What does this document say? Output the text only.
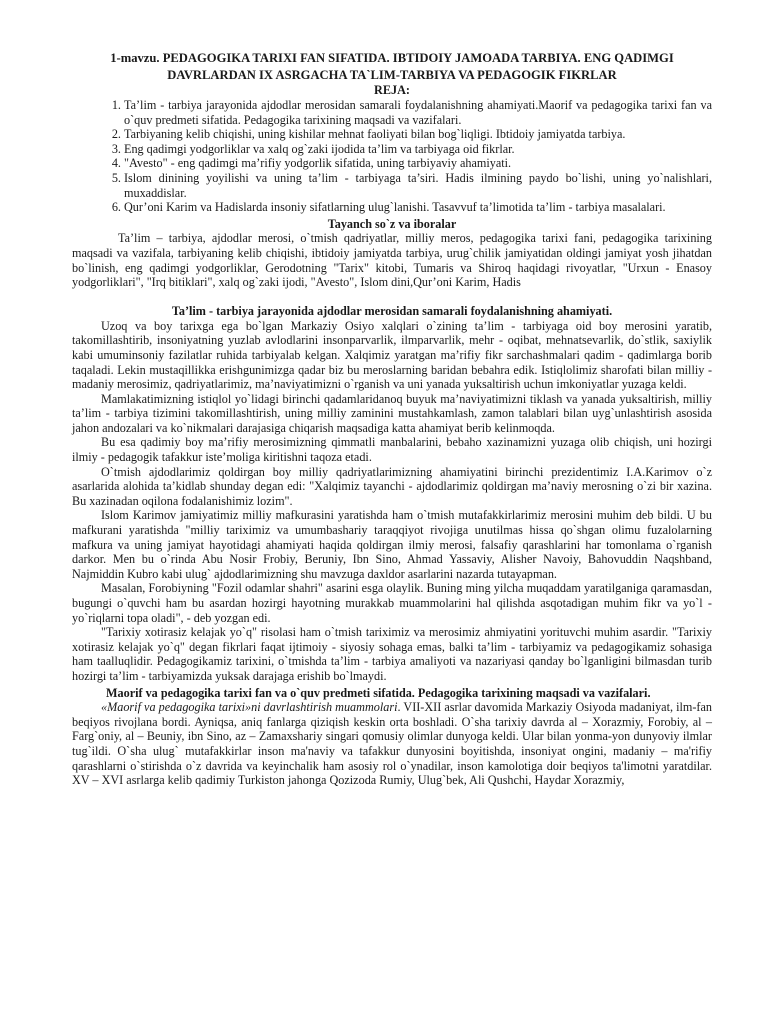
1-mavzu. PEDAGOGIKA TARIXI FAN SIFATIDA. IBTIDOIY JAMOADA TARBIYA. ENG QADIMGI DAVRLARDAN IX ASRGACHA TA`LIM-TARBIYA VA PEDAGOGIK FIKRLAR

REJA:

1. Ta’lim - tarbiya jarayonida ajdodlar merosidan samarali foydalanishning ahamiyati.Maorif va pedagogika tarixi fan va o`quv predmeti sifatida. Pedagogika tarixining maqsadi va vazifalari.
2. Tarbiyaning kelib chiqishi, uning kishilar mehnat faoliyati bilan bog`liqligi. Ibtidoiy jamiyatda tarbiya.
3. Eng qadimgi yodgorliklar va xalq og`zaki ijodida ta’lim va tarbiyaga oid fikrlar.
4. "Avesto" - eng qadimgi ma’rifiy yodgorlik sifatida, uning tarbiyaviy ahamiyati.
5. Islom dinining yoyilishi va uning ta’lim - tarbiyaga ta’siri. Hadis ilmining paydo bo`lishi, uning yo`nalishlari, muxaddislar.
6. Qur’oni Karim va Hadislarda insoniy sifatlarning ulug`lanishi. Tasavvuf ta’limotida ta’lim - tarbiya masalalari.

Tayanch so`z va iboralar

Ta’lim – tarbiya, ajdodlar merosi, o`tmish qadriyatlar, milliy meros, pedagogika tarixi fani, pedagogika tarixining maqsadi va vazifala, tarbiyaning kelib chiqishi, ibtidoiy jamiyatda tarbiya, urug`chilik jamiyatidan oldingi jamiyat yosh jihatdan bo`linish, eng qadimgi yodgorliklar, Gerodotning "Tarix" kitobi, Tumaris va Shiroq haqidagi rivoyatlar, "Urxun - Enasoy yodgorliklari", "Irq bitiklari", xalq og`zaki ijodi, "Avesto", Islom dini,Qur’oni Karim, Hadis

Ta’lim - tarbiya jarayonida ajdodlar merosidan samarali foydalanishning ahamiyati.

Uzoq va boy tarixga ega bo`lgan Markaziy Osiyo xalqlari o`zining ta’lim - tarbiyaga oid boy merosini yaratib, takomillashtirib, insoniyatning yuzlab avlodlarini insonparvarlik, ilmparvarlik, mehr - oqibat, mehnatsevarlik, do`stlik, saxiylik kabi umuminsoniy fazilatlar ruhida tarbiyalab kelgan. Xalqimiz yaratgan ma’rifiy fikr sarchashmalari qadim - qadimlarga borib taqaladi. Lekin mustaqillikka erishgunimizga qadar biz bu meroslarning baridan bebahra edik. Istiqlolimiz sharofati bilan milliy - madaniy merosimiz, qadriyatlarimiz, ma’naviyatimizni o`rganish va uni yanada yuksaltirish uchun imkoniyatlar yuzaga keldi.

Mamlakatimizning istiqlol yo`lidagi birinchi qadamlaridanoq buyuk ma’naviyatimizni tiklash va yanada yuksaltirish, milliy ta’lim - tarbiya tizimini takomillashtirish, uning milliy zaminini mustahkamlash, zamon talablari bilan uyg`unlashtirish asosida jahon andozalari va ko`nikmalari darajasiga chiqarish maqsadiga katta ahamiyat berib kelinmoqda.

Bu esa qadimiy boy ma’rifiy merosimizning qimmatli manbalarini, bebaho xazinamizni yuzaga olib chiqish, uni hozirgi ilmiy - pedagogik tafakkur iste’moliga kiritishni taqoza etadi.

O`tmish ajdodlarimiz qoldirgan boy milliy qadriyatlarimizning ahamiyatini birinchi prezidentimiz I.A.Karimov o`z asarlarida alohida ta’kidlab shunday degan edi: "Xalqimiz tayanchi - ajdodlarimiz qoldirgan ma’naviy merosning o`zi bir xazina. Bu xazinadan oqilona fodalanishimiz lozim".

Islom Karimov jamiyatimiz milliy mafkurasini yaratishda ham o`tmish mutafakkirlarimiz merosini muhim deb bildi. U bu mafkurani yaratishda "milliy tariximiz va umumbashariy taraqqiyot rivojiga unutilmas hissa qo`shgan olimu fuzalolarning mafkura va uning jamiyat hayotidagi ahamiyati haqida qoldirgan ilmiy merosi, falsafiy qarashlarini har tomonlama o`rganish darkor. Men bu o`rinda Abu Nosir Frobiy, Beruniy, Ibn Sino, Ahmad Yassaviy, Alisher Navoiy, Bahovuddin Naqshband, Najmiddin Kubro kabi ulug` ajdodlarimizning shu mavzuga daxldor asarlarini nazarda tutayapman.

Masalan, Forobiyning "Fozil odamlar shahri" asarini esga olaylik. Buning ming yilcha muqaddam yaratilganiga qaramasdan, bugungi o`quvchi ham bu asardan hozirgi hayotning murakkab muammolarini hal qilishda asqotadigan muhim fikr va yo`l - yo`riqlarni topa oladi", - deb yozgan edi.

"Tarixiy xotirasiz kelajak yo`q" risolasi ham o`tmish tariximiz va merosimiz ahmiyatini yorituvchi muhim asardir. "Tarixiy xotirasiz kelajak yo`q" degan fikrlari faqat ijtimoiy - siyosiy sohaga emas, balki ta’lim - tarbiyamiz va pedagogikamiz sohasiga ham taalluqlidir. Pedagogikamiz tarixini, o`tmishda ta’lim - tarbiya amaliyoti va nazariyasi qanday bo`lganligini bilmasdan turib hozirgi ta’lim - tarbiyamizda yuksak darajaga erishib bo`lmaydi.

Maorif va pedagogika tarixi fan va o`quv predmeti sifatida. Pedagogika tarixining maqsadi va vazifalari.

«Maorif va pedagogika tarixi»ni davrlashtirish muammolari. VII-XII asrlar davomida Markaziy Osiyoda madaniyat, ilm-fan beqiyos rivojlana bordi. Ayniqsa, aniq fanlarga qiziqish keskin orta boshladi. O`sha tarixiy davrda al – Xorazmiy, Forobiy, al – Farg`oniy, al – Beuniy, ibn Sino, az – Zamaxshariy singari qomusiy olimlar dunyoga keldi. Ular bilan yonma-yon dunyoviy ilmlar tug`ildi. O`sha ulug` mutafakkirlar inson ma'naviy va tafakkur dunyosini boyitishda, insoniyat ongini, madaniy – ma'rifiy qarashlarni o`stirishda o`z davrida va keyinchalik ham asosiy rol o`ynadilar, inson kamolotiga doir beqiyos ta'limotni yaratdilar. XV – XVI asrlarga kelib qadimiy Turkiston jahonga Qozizoda Rumiy, Ulug`bek, Ali Qushchi, Haydar Xorazmiy,
